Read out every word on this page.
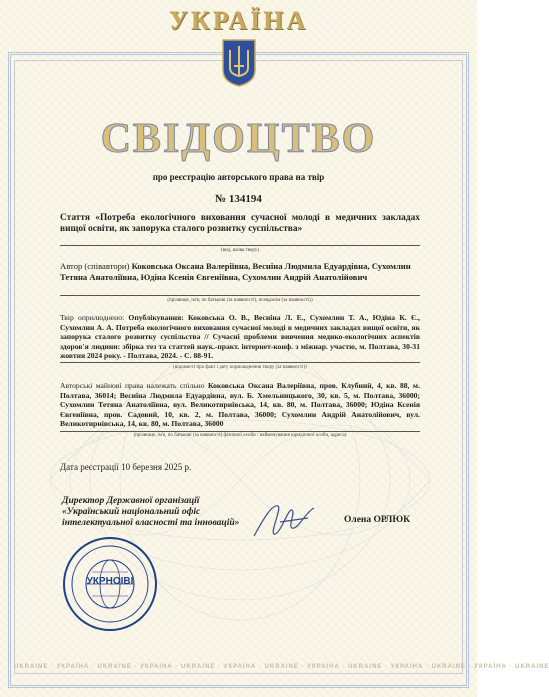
УКРАЇНА
СВІДОЦТВО
про реєстрацію авторського права на твір
№ 134194
Стаття «Потреба екологічного виховання сучасної молоді в медичних закладах вищої освіти, як запорука сталого розвитку суспільства»
(вид, назва твору)
Автор (співавтори) Коковська Оксана Валеріївна, Весніна Людмила Едуардівна, Сухомлин Тетяна Анатоліївна, Юдіна Ксенія Євгеніївна, Сухомлин Андрій Анатолійович
(прізвище, ім'я, по батькові (за наявності), псевдонім (за наявності))
Твір оприлюднено: Опублікування: Коковська О. В., Весніна Л. Е., Сухомлин Т. А., Юдіна К. Є., Сухомлин А. А. Потреба екологічного виховання сучасної молоді в медичних закладах вищої освіти, як запорука сталого розвитку суспільства // Сучасні проблеми вивчення медико-екологічних аспектів здоров'я людини: збірка тез та статтей наук.-практ. інтернет-конф. з міжнар. участю, м. Полтава, 30-31 жовтня 2024 року. - Полтава, 2024. - С. 88-91.
(відомості про факт і дату оприлюднення твору (за наявності))
Авторські майнові права належать спільно Коковська Оксана Валеріївна, пров. Клубний, 4, кв. 88, м. Полтава, 36014; Весніна Людмила Едуардівна, вул. Б. Хмельницького, 30, кв. 5, м. Полтава, 36000; Сухомлин Тетяна Анатоліївна, вул. Великотирнівська, 14, кв. 80, м. Полтава, 36000; Юдіна Ксенія Євгеніївна, пров. Садовий, 10, кв. 2, м. Полтава, 36000; Сухомлин Андрій Анатолійович, вул. Великотирнівська, 14, кв. 80, м. Полтава, 36000
(прізвище, ім'я, по батькові (за наявності) фізичної особи / найменування юридичної особи, адреса)
Дата реєстрації 10 березня 2025 р.
Директор Державної організації «Український національний офіс інтелектуальної власності та інновацій»	Олена ОРЛЮК
УКРНОІВІ
UKRAINE · УКРАЇНА · UKRAINE · УКРАЇНА · UKRAINE · УКРАЇНА · UKRAINE · УКРАЇНА · UKRAINE · УКРАЇНА · UKRAINE · УКРАЇНА · UKRAINE
